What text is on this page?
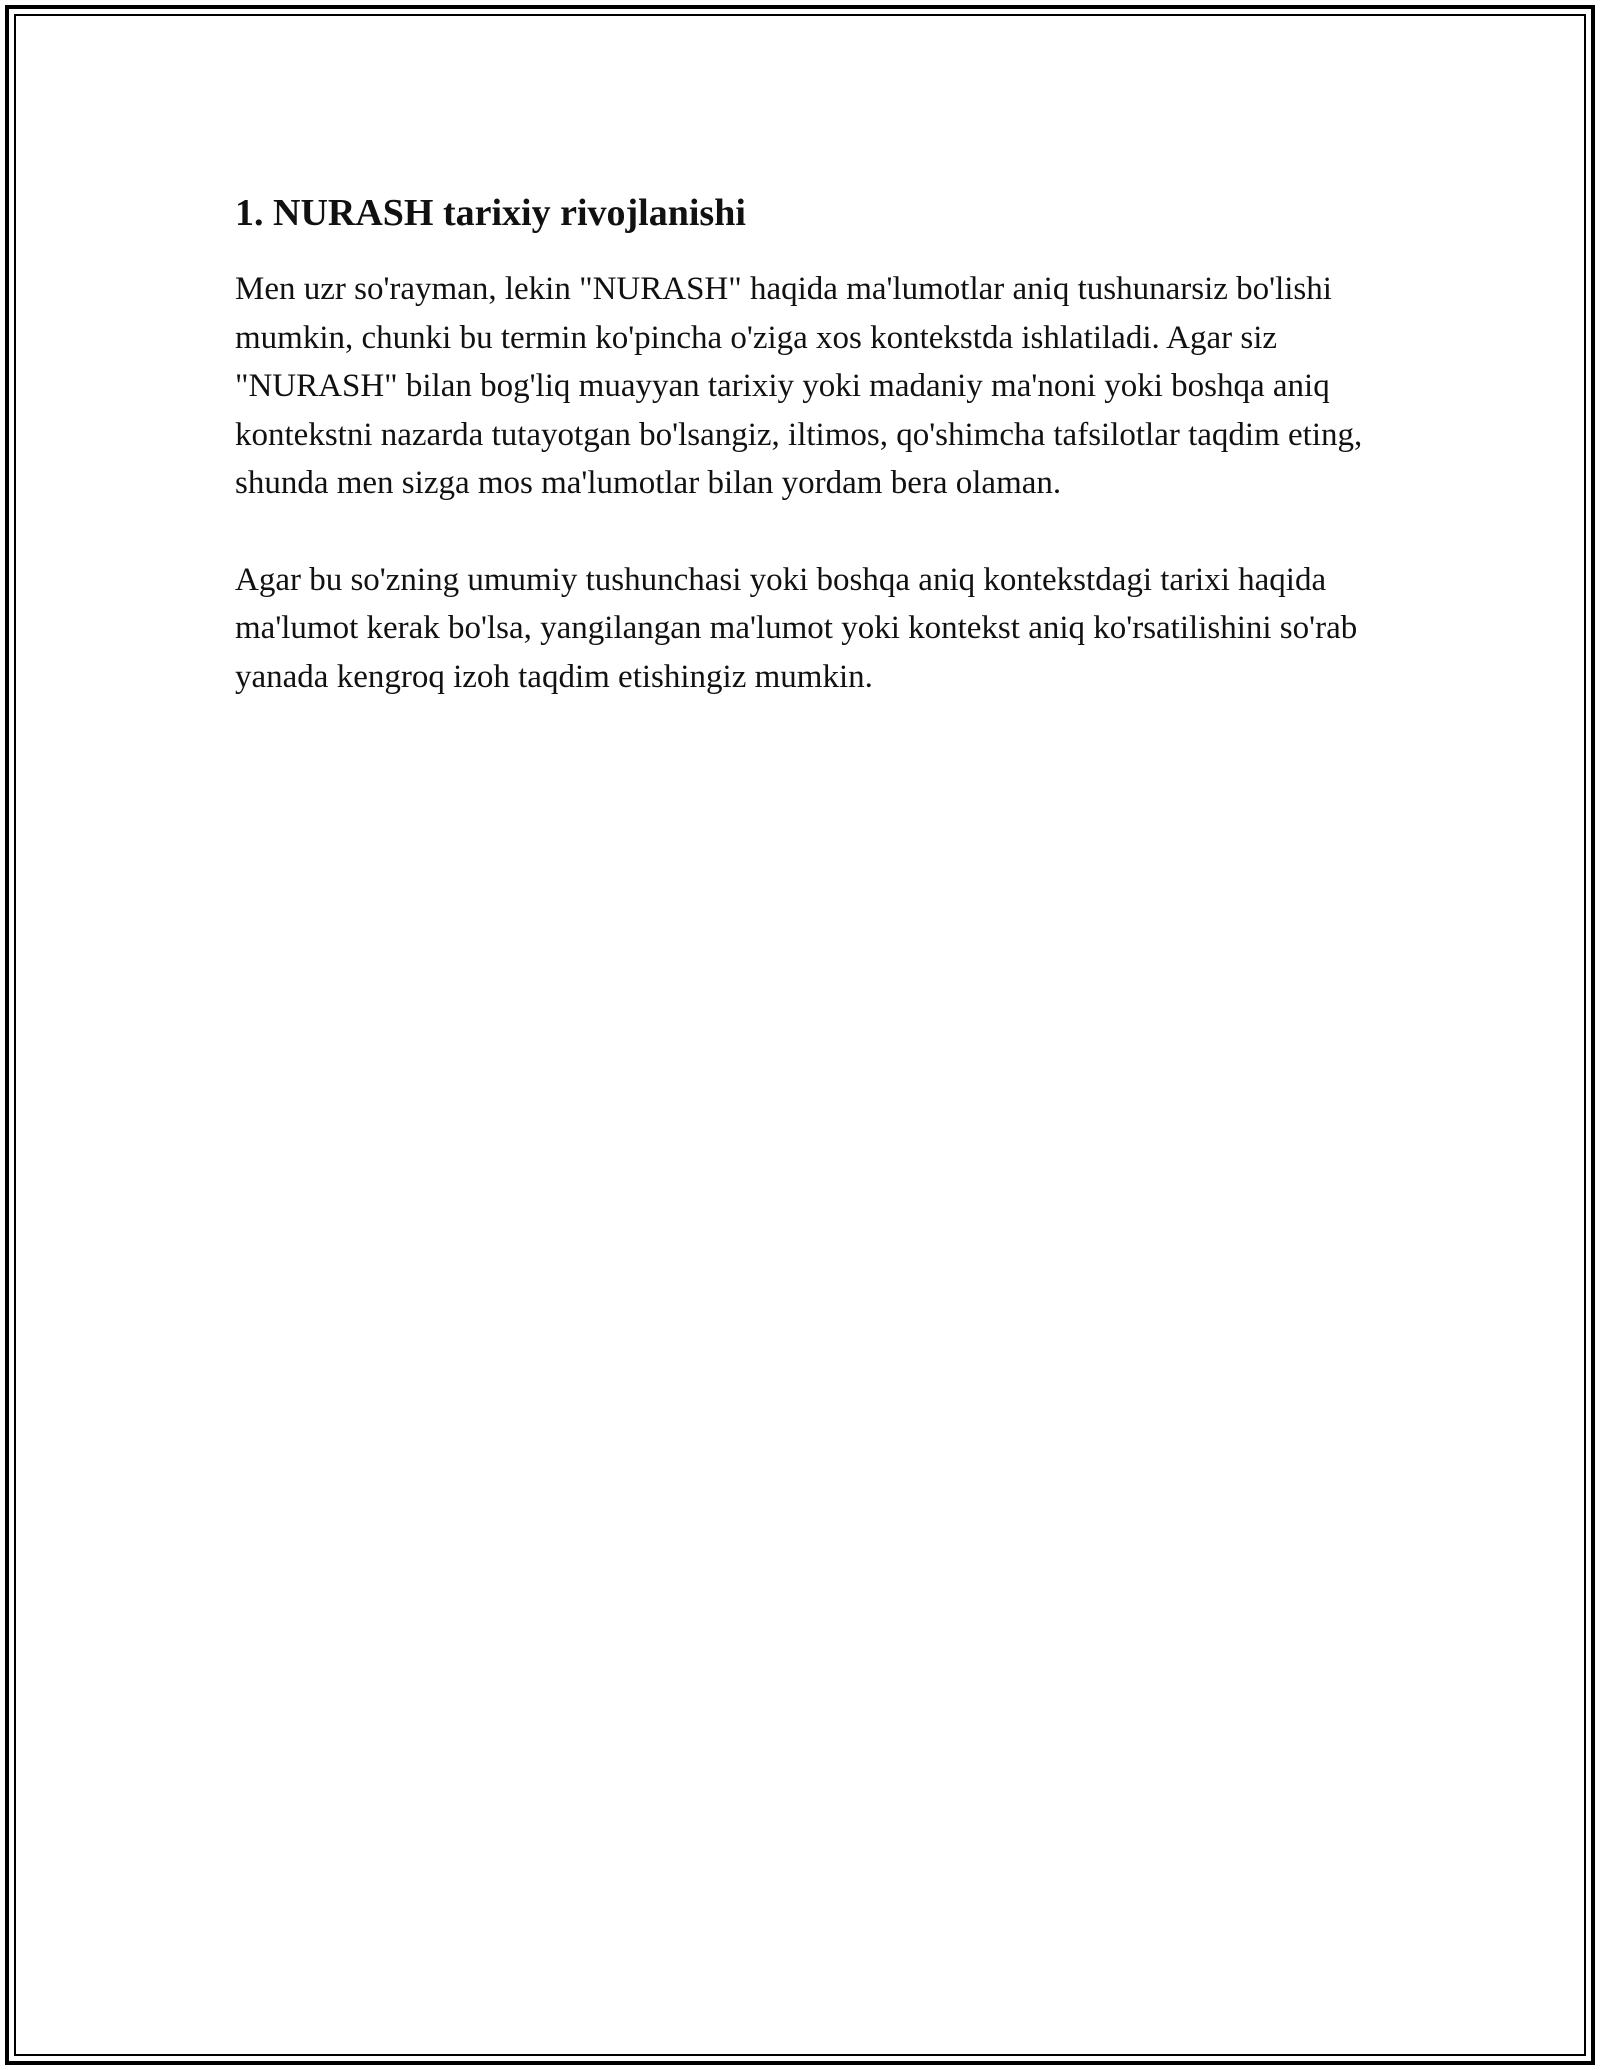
1. NURASH tarixiy rivojlanishi

Men uzr so'rayman, lekin "NURASH" haqida ma'lumotlar aniq tushunarsiz bo'lishi mumkin, chunki bu termin ko'pincha o'ziga xos kontekstda ishlatiladi. Agar siz "NURASH" bilan bog'liq muayyan tarixiy yoki madaniy ma'noni yoki boshqa aniq kontekstni nazarda tutayotgan bo'lsangiz, iltimos, qo'shimcha tafsilotlar taqdim eting, shunda men sizga mos ma'lumotlar bilan yordam bera olaman.

Agar bu so'zning umumiy tushunchasi yoki boshqa aniq kontekstdagi tarixi haqida ma'lumot kerak bo'lsa, yangilangan ma'lumot yoki kontekst aniq ko'rsatilishini so'rab yanada kengroq izoh taqdim etishingiz mumkin.
